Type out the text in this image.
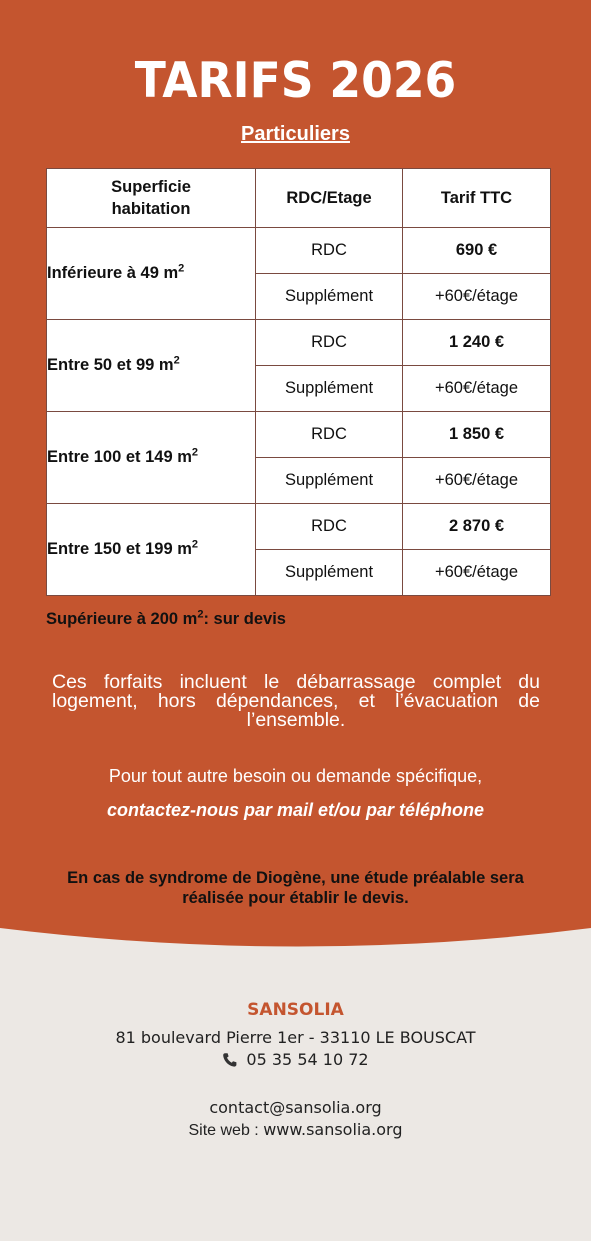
TARIFS 2026
Particuliers
Superficie habitation	RDC/Etage	Tarif TTC
Inférieure à 49 $m^2$	RDC	690 €
	Supplément	+60€/étage
Entre 50 et 99 $m^2$	RDC	1 240 €
	Supplément	+60€/étage
Entre 100 et 149 $m^2$	RDC	1 850 €
	Supplément	+60€/étage
Entre 150 et 199 $m^2$	RDC	2 870 €
	Supplément	+60€/étage
Supérieure à 200 $m^2$: sur devis
Ces forfaits incluent le débarrassage complet du logement, hors dépendances, et l’évacuation de l’ensemble.
Pour tout autre besoin ou demande spécifique,
contactez-nous par mail et/ou par téléphone
En cas de syndrome de Diogène, une étude préalable sera réalisée pour établir le devis.
SANSOLIA
81 boulevard Pierre 1er - 33110 LE BOUSCAT
05 35 54 10 72
contact@sansolia.org
Site web : www.sansolia.org
